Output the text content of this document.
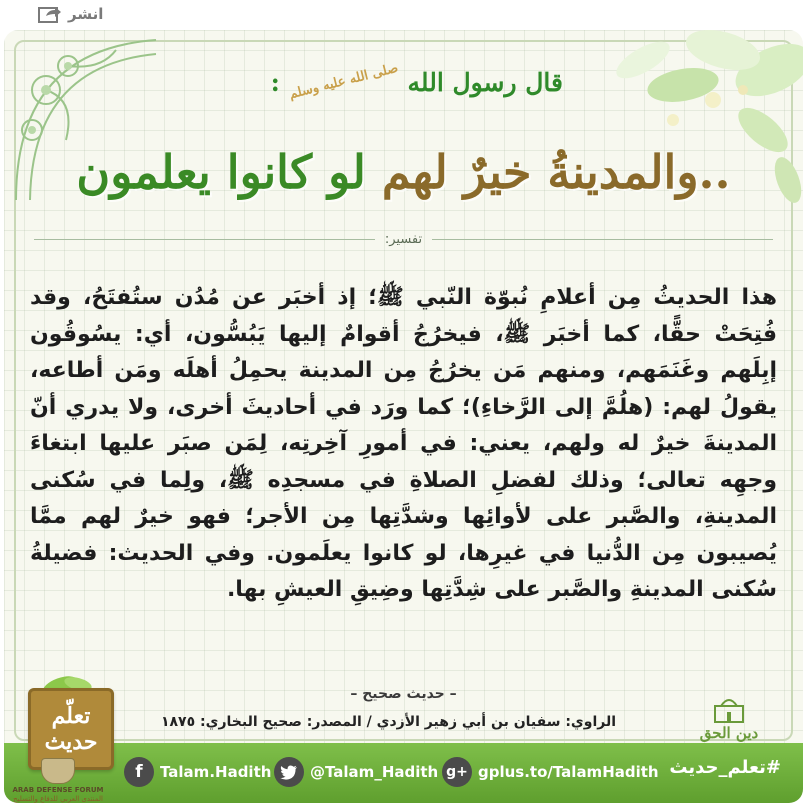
انشر
قال رسول الله
صلى الله عليه وسلم
:
..والمدينةُ خيرٌ لهم لو كانوا يعلمون
تفسير:
هذا الحديثُ مِن أعلامِ نُبوّة النّبي ﷺ؛ إذ أخبَر عن مُدُن ستُفتَحُ، وقد فُتِحَتْ حقًّا، كما أخبَر ﷺ، فيخرُجُ أقوامٌ إليها يَبُسُّون، أي: يسُوقُون إبِلَهم وغَنَمَهم، ومنهم مَن يخرُجُ مِن المدينة يحمِلُ أهلَه ومَن أطاعه، يقولُ لهم: (هلُمَّ إلى الرَّخاءِ)؛ كما ورَد في أحاديثَ أخرى، ولا يدري أنّ المدينةَ خيرٌ له ولهم، يعني: في أمورِ آخِرتِه، لِمَن صبَر عليها ابتغاءَ وجهِه تعالى؛ وذلك لفضلِ الصلاةِ في مسجدِه ﷺ، ولِما في سُكنى المدينةِ، والصَّبر على لأوائِها وشدَّتِها مِن الأجر؛ فهو خيرٌ لهم ممَّا يُصيبون مِن الدُّنيا في غيرِها، لو كانوا يعلَمون. وفي الحديث: فضيلةُ سُكنى المدينةِ والصَّبر على شِدَّتِها وضِيقِ العيشِ بها.
– حديث صحيح –
الراوي: سفيان بن أبي زهير الأزدي / المصدر: صحيح البخاري: ١٨٧٥
دين الحق
f	Talam.Hadith	@Talam_Hadith g+ gplus.to/TalamHadith #تعلم_حديث
تعلّم
حديث
ARAB DEFENSE FORUM
المنتدى العربي للدفاع والتسليح
